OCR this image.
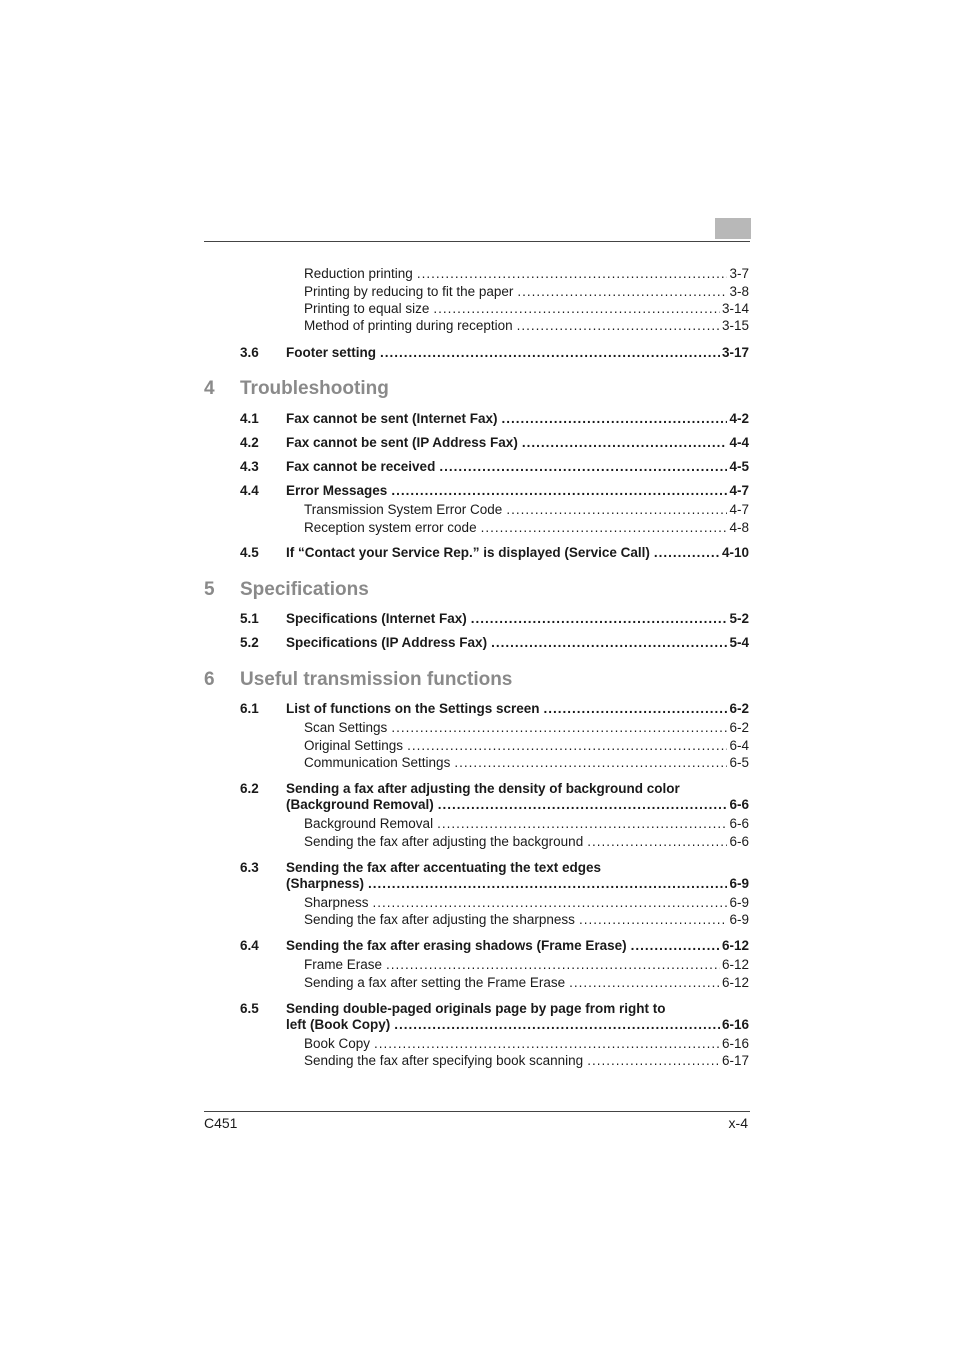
Reduction printing .....	3-7
Printing by reducing to fit the paper .....	3-8
Printing to equal size .....	3-14
Method of printing during reception .....	3-15
3.6 Footer setting .....	3-17
4 Troubleshooting
4.1 Fax cannot be sent (Internet Fax) .....	4-2
4.2 Fax cannot be sent (IP Address Fax) .....	4-4
4.3 Fax cannot be received .....	4-5
4.4 Error Messages .....	4-7
Transmission System Error Code .....	4-7
Reception system error code .....	4-8
4.5 If “Contact your Service Rep.” is displayed (Service Call) .....	4-10
5 Specifications
5.1 Specifications (Internet Fax) .....	5-2
5.2 Specifications (IP Address Fax) .....	5-4
6 Useful transmission functions
6.1 List of functions on the Settings screen .....	6-2
Scan Settings .....	6-2
Original Settings .....	6-4
Communication Settings .....	6-5
6.2 Sending a fax after adjusting the density of background color
(Background Removal) .....	6-6
Background Removal .....	6-6
Sending the fax after adjusting the background .....	6-6
6.3 Sending the fax after accentuating the text edges
(Sharpness) .....	6-9
Sharpness .....	6-9
Sending the fax after adjusting the sharpness .....	6-9
6.4 Sending the fax after erasing shadows (Frame Erase) .....	6-12
Frame Erase .....	6-12
Sending a fax after setting the Frame Erase .....	6-12
6.5 Sending double-paged originals page by page from right to
left (Book Copy) .....	6-16
Book Copy .....	6-16
Sending the fax after specifying book scanning .....	6-17
C451	x-4
